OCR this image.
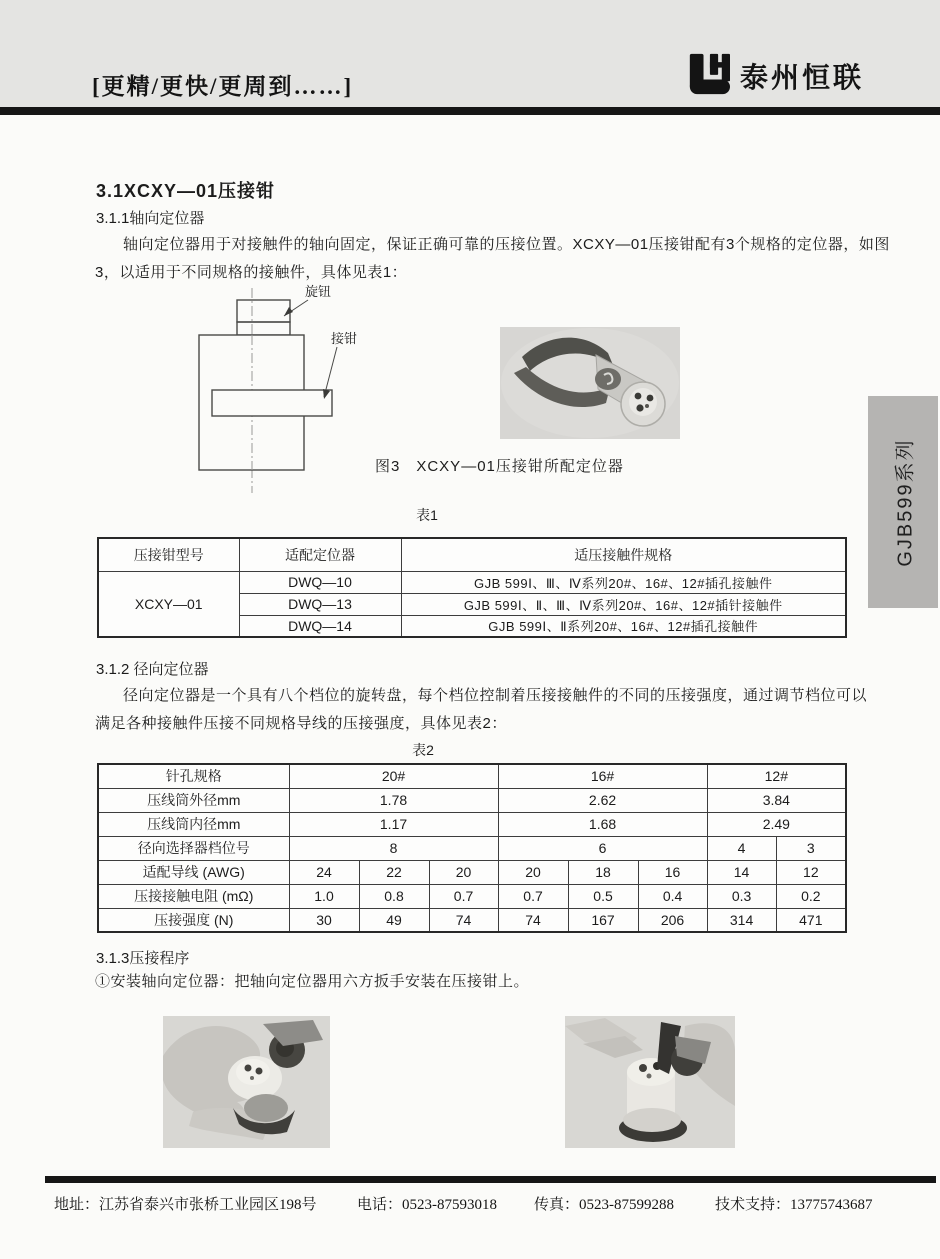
[更精/更快/更周到……]	泰州恒联
3.1XCXY—01压接钳
3.1.1轴向定位器
轴向定位器用于对接触件的轴向固定，保证正确可靠的压接位置。XCXY—01压接钳配有3个规格的定位器，如图
3，以适用于不同规格的接触件，具体见表1：
旋钮
接钳
图3　XCXY—01压接钳所配定位器
表1
压接钳型号	适配定位器	适压接触件规格
XCXY—01	DWQ—10	GJB 599Ⅰ、Ⅲ、Ⅳ系列20#、16#、12#插孔接触件
	DWQ—13	GJB 599Ⅰ、Ⅱ、Ⅲ、Ⅳ系列20#、16#、12#插针接触件
	DWQ—14	GJB 599Ⅰ、Ⅱ系列20#、16#、12#插孔接触件
3.1.2 径向定位器
径向定位器是一个具有八个档位的旋转盘，每个档位控制着压接接触件的不同的压接强度，通过调节档位可以
满足各种接触件压接不同规格导线的压接强度，具体见表2：
表2
针孔规格	20#			16#			12#	
压线筒外径mm	1.78			2.62			3.84	
压线筒内径mm	1.17			1.68			2.49	
径向选择器档位号	8			6			4	3
适配导线 (AWG)	24	22	20	20	18	16	14	12
压接接触电阻 (mΩ)	1.0	0.8	0.7	0.7	0.5	0.4	0.3	0.2
压接强度 (N)	30	49	74	74	167	206	314	471
3.1.3压接程序
①安装轴向定位器：把轴向定位器用六方扳手安装在压接钳上。
地址：江苏省泰兴市张桥工业园区198号	电话：0523-87593018 传真：0523-87599288	技术支持：13775743687
GJB599系列
